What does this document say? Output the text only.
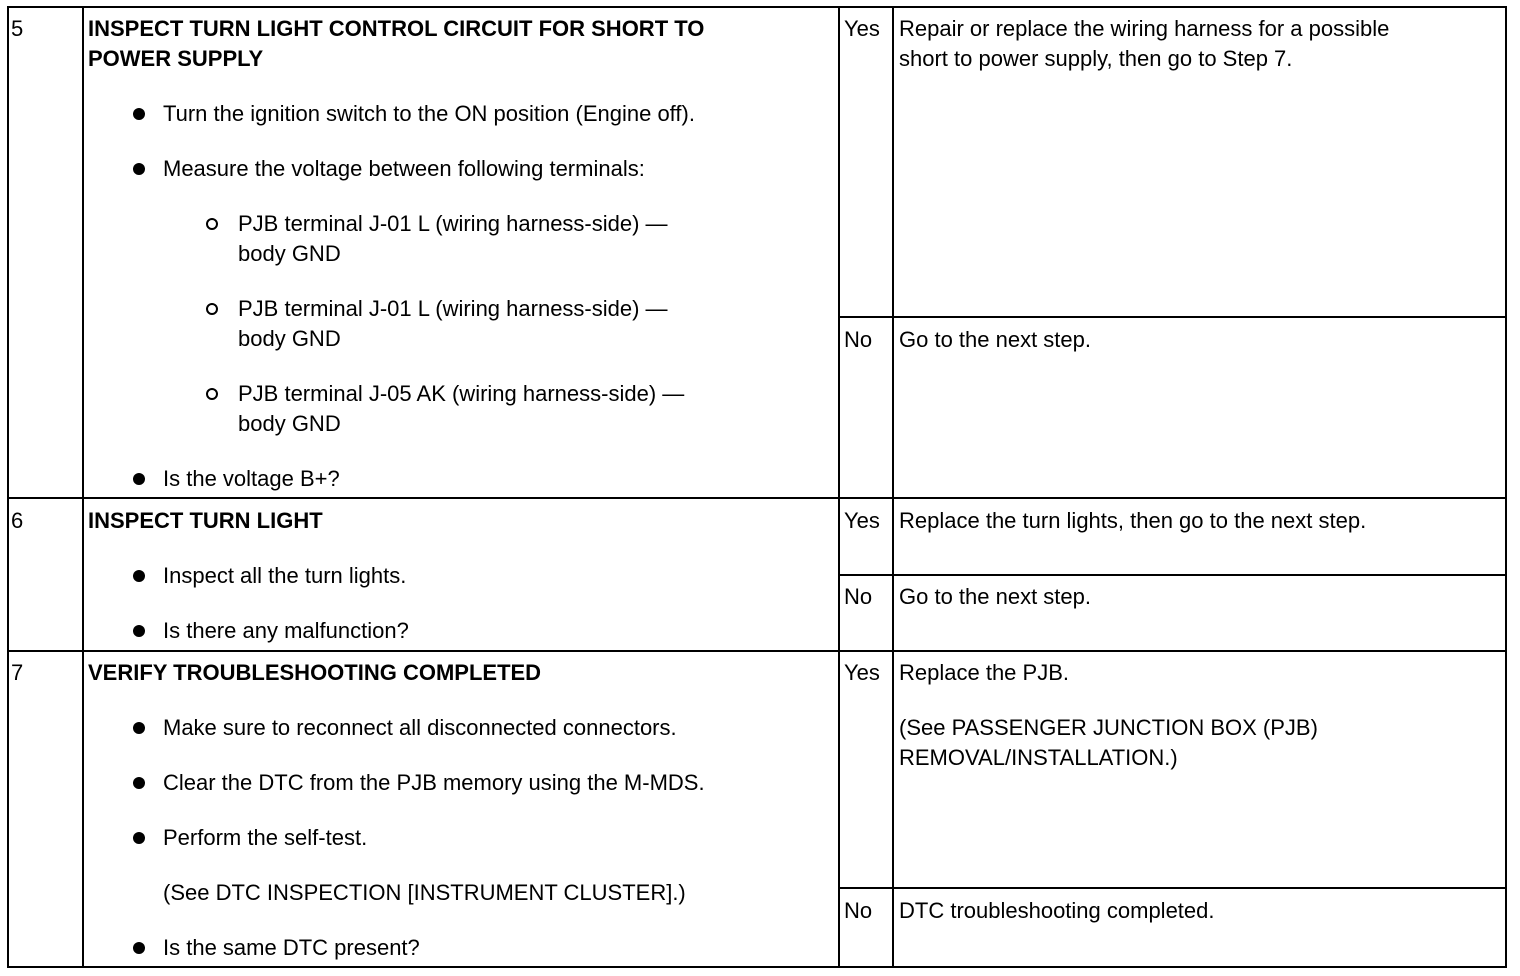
5	INSPECT TURN LIGHT CONTROL CIRCUIT FOR SHORT TO
POWER SUPPLY
Turn the ignition switch to the ON position (Engine off).
Measure the voltage between following terminals:
PJB terminal J-01 L (wiring harness-side) —
body GND
PJB terminal J-01 L (wiring harness-side) —
body GND
PJB terminal J-05 AK (wiring harness-side) —
body GND
Is the voltage B+?
Yes Repair or replace the wiring harness for a possible
short to power supply, then go to Step 7.
No Go to the next step.
6	INSPECT TURN LIGHT
Inspect all the turn lights.
Is there any malfunction?
Yes Replace the turn lights, then go to the next step.
No Go to the next step.
7	VERIFY TROUBLESHOOTING COMPLETED
Make sure to reconnect all disconnected connectors.
Clear the DTC from the PJB memory using the M-MDS.
Perform the self-test.
(See DTC INSPECTION [INSTRUMENT CLUSTER].)
Is the same DTC present?
Yes Replace the PJB.
(See PASSENGER JUNCTION BOX (PJB)
REMOVAL/INSTALLATION.)
No DTC troubleshooting completed.
